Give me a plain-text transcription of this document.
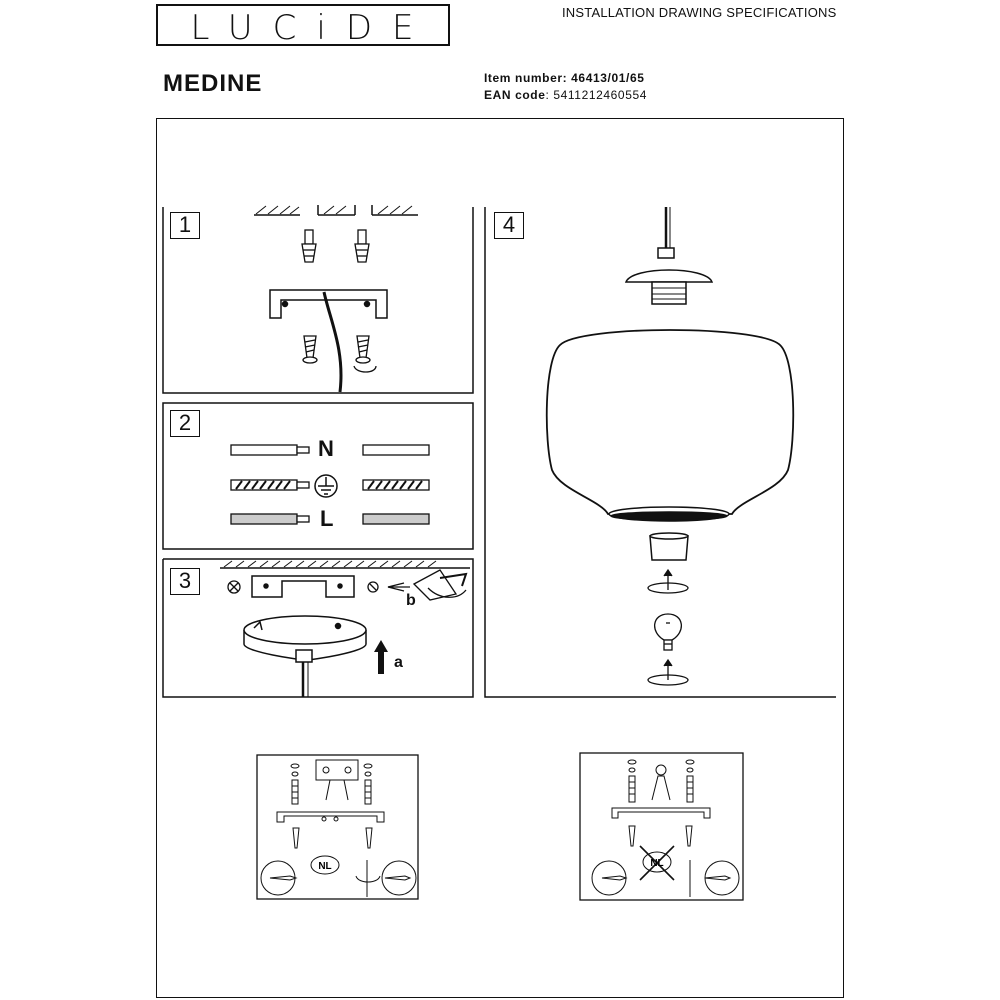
LUCiDE	INSTALLATION DRAWING SPECIFICATIONS
MEDINE	Item number: 46413/01/65
EAN code: 5411212460554
1
2
3
4
N
L
a
b
NL	NL
